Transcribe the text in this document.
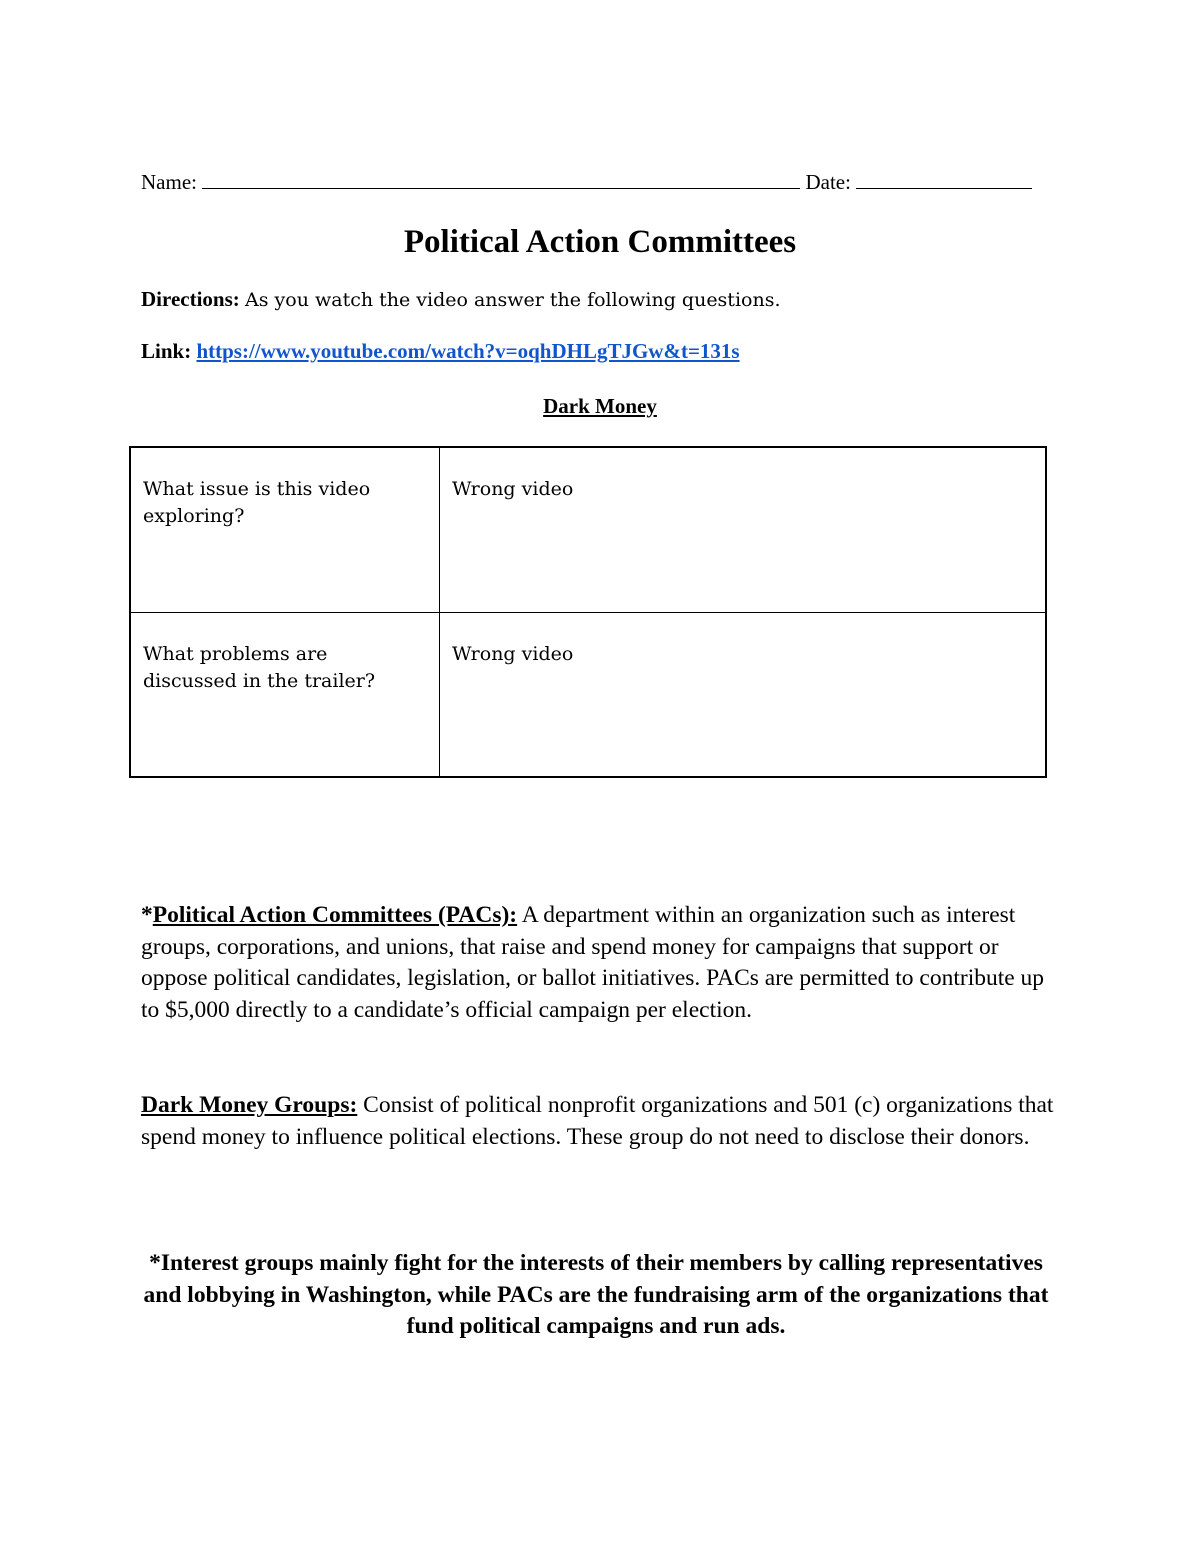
Name:	Date:
Political Action Committees
Directions: As you watch the video answer the following questions.
Link: https://www.youtube.com/watch?v=oqhDHLgTJGw&t=131s
Dark Money
What issue is this video exploring?	Wrong video
What problems are discussed in the trailer?	Wrong video
*Political Action Committees (PACs): A department within an organization such as interest groups, corporations, and unions, that raise and spend money for campaigns that support or oppose political candidates, legislation, or ballot initiatives. PACs are permitted to contribute up to $5,000 directly to a candidate’s official campaign per election.
Dark Money Groups: Consist of political nonprofit organizations and 501 (c) organizations that spend money to influence political elections. These group do not need to disclose their donors.
*Interest groups mainly fight for the interests of their members by calling representatives and lobbying in Washington, while PACs are the fundraising arm of the organizations that fund political campaigns and run ads.
